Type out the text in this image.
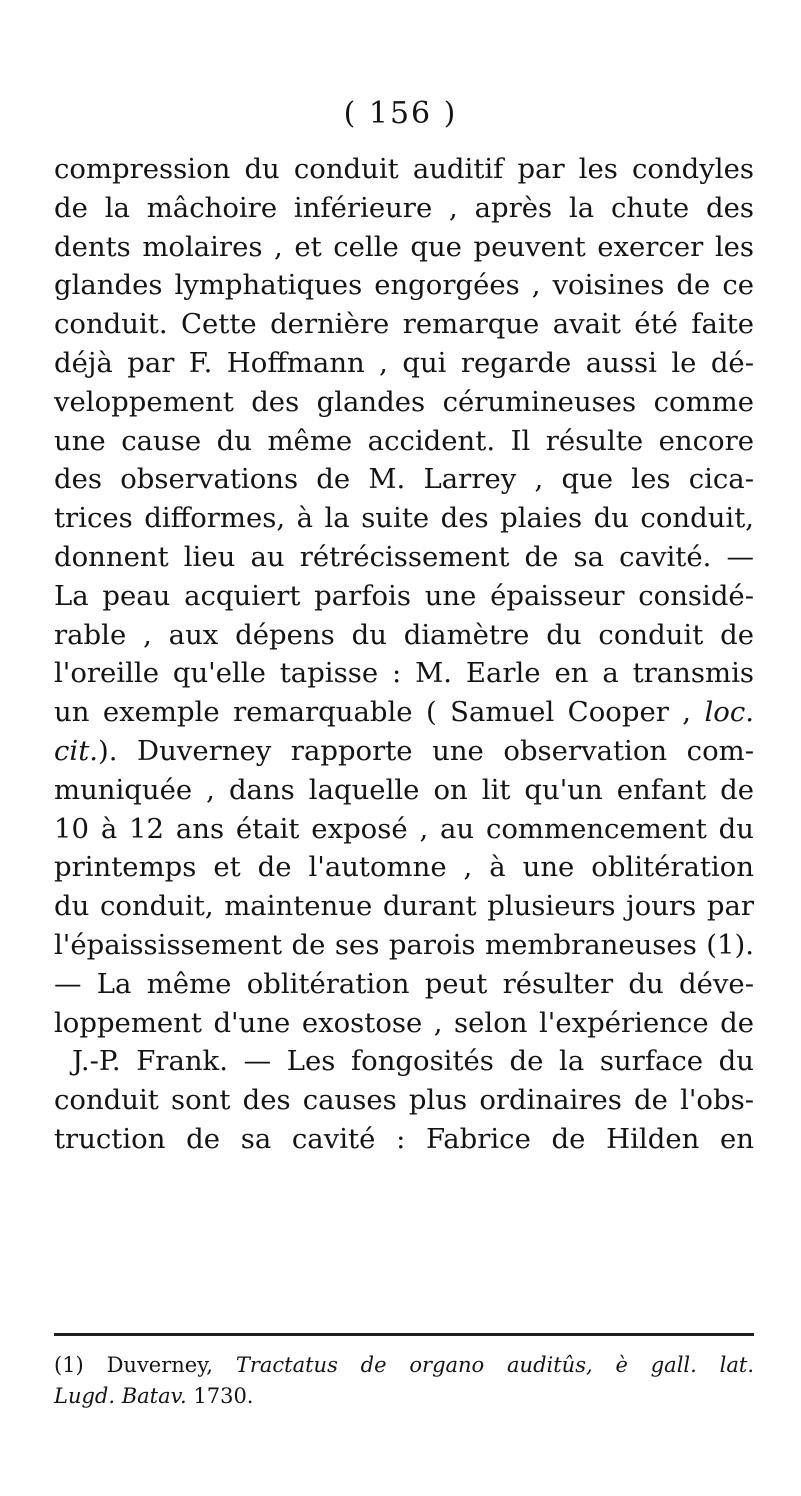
( 156 )
compression du conduit auditif par les condyles
de la mâchoire inférieure , après la chute des
dents molaires , et celle que peuvent exercer les
glandes lymphatiques engorgées , voisines de ce
conduit. Cette dernière remarque avait été faite
déjà par F. Hoffmann , qui regarde aussi le dé-
veloppement des glandes cérumineuses comme
une cause du même accident. Il résulte encore
des observations de M. Larrey , que les cica-
trices difformes, à la suite des plaies du conduit,
donnent lieu au rétrécissement de sa cavité. —
La peau acquiert parfois une épaisseur considé-
rable , aux dépens du diamètre du conduit de
l'oreille qu'elle tapisse : M. Earle en a transmis
un exemple remarquable ( Samuel Cooper , loc.
cit.). Duverney rapporte une observation com-
muniquée , dans laquelle on lit qu'un enfant de
10 à 12 ans était exposé , au commencement du
printemps et de l'automne , à une oblitération
du conduit, maintenue durant plusieurs jours par
l'épaississement de ses parois membraneuses (1).
— La même oblitération peut résulter du déve-
loppement d'une exostose , selon l'expérience de
J.-P. Frank. — Les fongosités de la surface du
conduit sont des causes plus ordinaires de l'obs-
truction de sa cavité : Fabrice de Hilden en
(1) Duverney, Tractatus de organo auditûs, è gall. lat.
Lugd. Batav. 1730.
